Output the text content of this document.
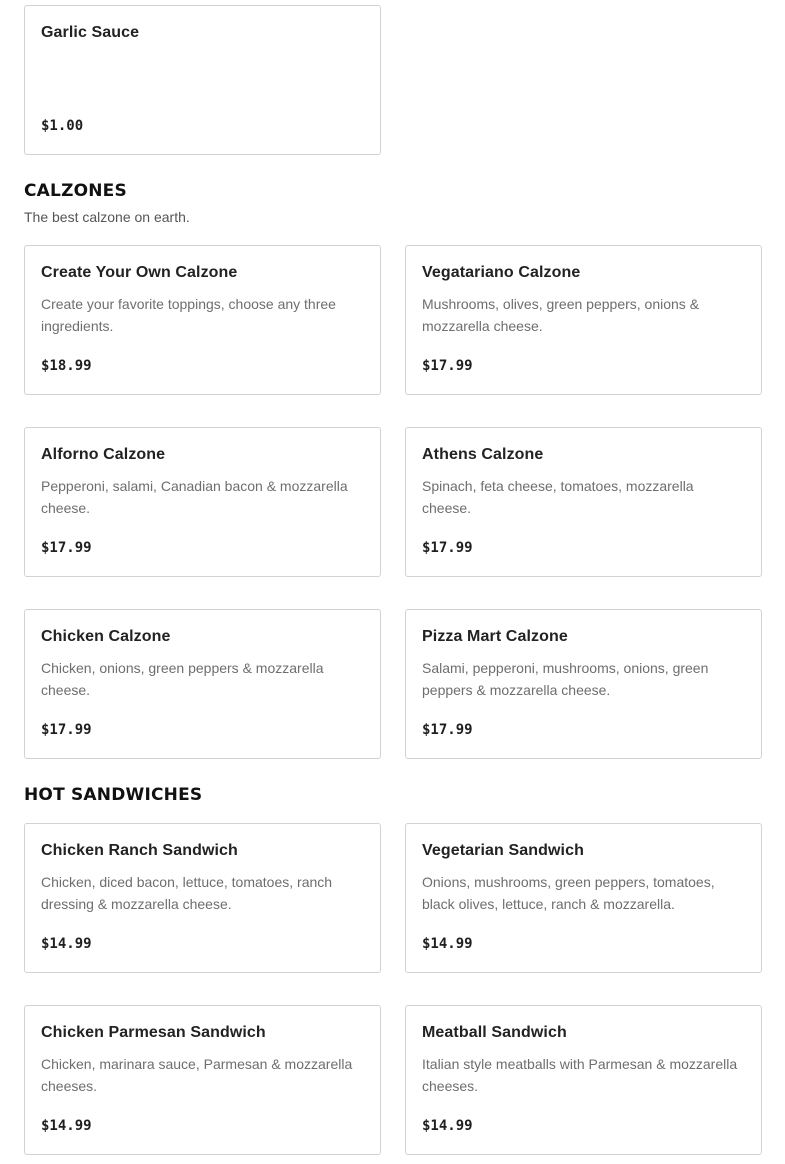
Garlic Sauce
$1.00
CALZONES
The best calzone on earth.
Create Your Own Calzone
Create your favorite toppings, choose any three ingredients.
$18.99
Vegatariano Calzone
Mushrooms, olives, green peppers, onions & mozzarella cheese.
$17.99
Alforno Calzone
Pepperoni, salami, Canadian bacon & mozzarella cheese.
$17.99
Athens Calzone
Spinach, feta cheese, tomatoes, mozzarella cheese.
$17.99
Chicken Calzone
Chicken, onions, green peppers & mozzarella cheese.
$17.99
Pizza Mart Calzone
Salami, pepperoni, mushrooms, onions, green peppers & mozzarella cheese.
$17.99
HOT SANDWICHES
Chicken Ranch Sandwich
Chicken, diced bacon, lettuce, tomatoes, ranch dressing & mozzarella cheese.
$14.99
Vegetarian Sandwich
Onions, mushrooms, green peppers, tomatoes, black olives, lettuce, ranch & mozzarella.
$14.99
Chicken Parmesan Sandwich
Chicken, marinara sauce, Parmesan & mozzarella cheeses.
$14.99
Meatball Sandwich
Italian style meatballs with Parmesan & mozzarella cheeses.
$14.99
